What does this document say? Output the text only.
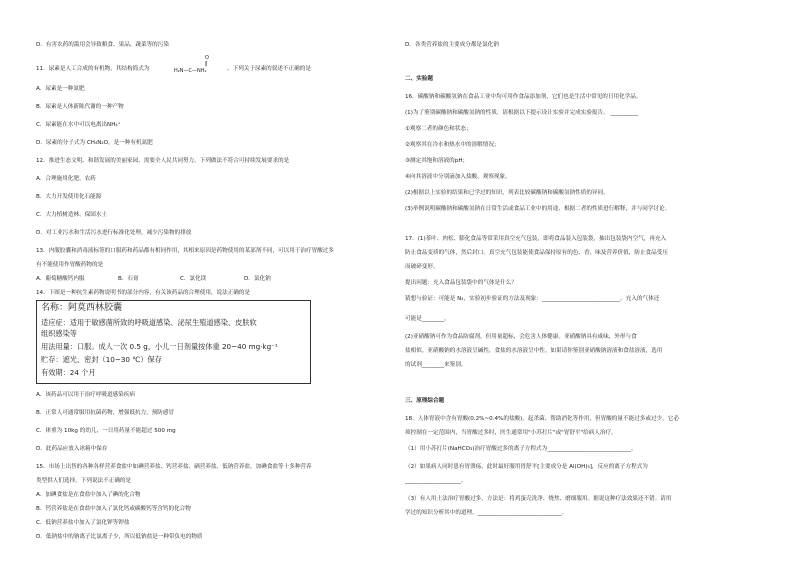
D．有害农药的滥用会导致粮食、果品、蔬菜等的污染
11．尿素是人工合成的有机物，其结构简式为
O
‖
H₂N—C—NH₂	，下列关于尿素的叙述不正确的是
A．尿素是一种氮肥
B．尿素是人体新陈代谢的一种产物
C．尿素能在水中可以电离出NH₄⁺
D．尿素的分子式为 CH₄N₂O，是一种有机氮肥
12．推进生态文明、和谐发展的美丽家园，需要全人民共同努力。下列做法不符合可持续发展要求的是
A．合理施用化肥、农药
B．大力开发使用化石能源
C．大力植树造林、保固水土
D．对工业污水和生活污水进行标准化处理，减少污染物的排放
13．内服胶囊和消毒液标签的口服药和药品都有相同作用，其相来原因是药物使用的某部剂不同，可以用于治疗胃酸过多
有不能使用作胃酸药物的是
A．葡萄糖酸钙内服	B．石膏	C．氯化镁	D．氯化钠
14．下图是一种抗生素药物说明书的部分内容，有关该药品的合理使用，说法正确的是
名称：阿莫西林胶囊
适应症：适用于敏感菌所致的呼吸道感染、泌尿生殖道感染、皮肤软
组织感染等
用法用量：口服。成人一次 0.5 g，小儿一日剂量按体重 20~40 mg·kg⁻¹
贮存：遮光、密封（10~30 ℃）保存
有效期：24 个月
A．该药品可以用于治疗呼吸道感染疾病
B．正常人可通常服用抗菌药物，增强抵抗力，预防感冒
C．体重为 10kg 的幼儿，一日用药量不能超过 500 mg
D．此药品应放入冰箱中保存
15．市场上出售的各种各样营养食盐中如碘营养盐、钙营养盐、硒营养盐、低钠营养盐，加碘食盐等十多种营养
类型供人们选择。下列说法不正确的是
A．加碘食盐是在食盐中加入了碘的化合物
B．钙营养盐是在食盐中加入了氯化钙或碳酸钙等含钙的化合物
C．低钠营养盐中加入了氯化钾等钾盐
D．低钠盐中的钠离子比氯离子少，所以低钠盐是一种带负电的物质
D．各类营养盐的主要成分都是氯化钠
二、实验题
16．碳酸钠和碳酸氢钠在食品工业中均可用作食品添加剂，它们也是生活中常见的日用化学品。
(1)为了鉴别碳酸钠和碳酸氢钠的性质，请根据以下提示设计实验并完成实验报告。 __________
①观察二者的颜色和状态；
②观察其在冷水和热水中的溶解情况；
③测定其饱和溶液的pH；
④向其溶液中分别滴加入盐酸，观察现象。
(2)根据以上实验的结果和已学过的知识，列表比较碳酸钠和碳酸氢钠性质的异同。
(3)举例说明碳酸钠和碳酸氢钠在日常生活或食品工业中的用途，根据二者的性质进行解释，并与同学讨论。
17．(1)茶叶、肉松、膨化食品等常采用真空充气包装，即将食品装入包装袋，抽出包装袋内空气，再充入
防止食品变质的气体，然后封口。真空充气包装能使食品保持原有的色、香、味及营养价值，防止食品受压
而破碎变形。
提出问题：充入食品包装袋中的气体是什么？
猜想与验证：可能是 N₂，实验初步验证的方法及现象：____________________________。充入的气体还
可能是________。
(2)亚硝酸钠可作为食品防腐剂，但用量超标，会危害人体健康。亚硝酸钠具有咸味，外形与食
盐相似。亚硝酸钠的水溶液呈碱性，食盐的水溶液呈中性。如果请你鉴别亚硝酸钠溶液和食盐溶液，选用
的试剂________来鉴别。
三、原理综合题
18．人体胃液中含有胃酸(0.2%~0.4%的盐酸)，起杀菌、帮助消化等作用，但胃酸的量不能过多或过少，它必
须控制在一定范围内，当胃酸过多时，医生通常用"小苏打片"或"胃舒平"给病人治疗。
（1）用小苏打片(NaHCO₃)治疗胃酸过多的离子方程式为______________________________。
（2）如果病人同时患有胃溃疡，此时最好服用胃舒平[主要成分是 Al(OH)₃]，反应的离子方程式为
____________________。
（3）有人用土法治疗胃酸过多，方法是：将鸡蛋壳洗净、烧焦、磨细服用。据说这种疗法效果还不错。请用
学过的知识分析其中的道理。______________________________。
